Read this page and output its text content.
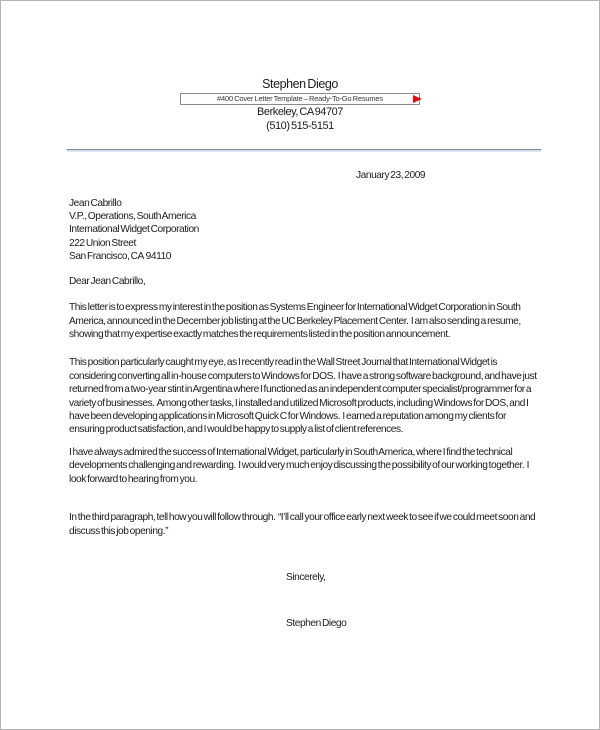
Stephen Diego
#400 Cover Letter Template – Ready-To-Go Resumes
Berkeley, CA 94707
(510) 515-5151
January 23, 2009
Jean Cabrillo
V.P., Operations, South America
International Widget Corporation
222 Union Street
San Francisco, CA  94110
Dear Jean Cabrillo,

This letter is to express my interest in the position as Systems Engineer for International Widget Corporation in South America, announced in the December job listing at the UC Berkeley Placement Center.  I am also sending a resume, showing that my expertise exactly matches the requirements listed in the position announcement.

This position particularly caught my eye, as I recently read in the Wall Street Journal that International Widget is considering converting all in-house computers to Windows for DOS.  I have a strong software background, and have just returned from a two-year stint in Argentina where I functioned as an independent computer specialist/programmer for a variety of businesses.  Among other tasks, I installed and utilized Microsoft products, including Windows for DOS, and I have been developing applications in Microsoft Quick C for Windows.  I earned a reputation among my clients for ensuring product satisfaction, and I would be happy to supply a list of client references.

I have always admired the success of International Widget, particularly in South America, where I find the technical developments challenging and rewarding.  I would very much enjoy discussing the possibility of our working together.  I look forward to hearing from you.

In the third paragraph, tell how you will follow through.  “I’ll call your office early next week to see if we could meet soon and discuss this job opening.”

Sincerely,
Stephen Diego
